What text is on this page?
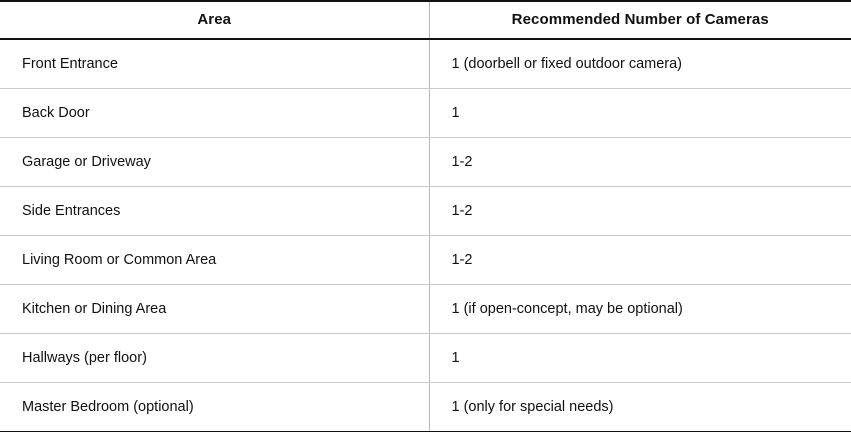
Area	Recommended Number of Cameras
Front Entrance	1 (doorbell or fixed outdoor camera)
Back Door	1
Garage or Driveway	1-2
Side Entrances	1-2
Living Room or Common Area	1-2
Kitchen or Dining Area	1 (if open-concept, may be optional)
Hallways (per floor)	1
Master Bedroom (optional)	1 (only for special needs)
